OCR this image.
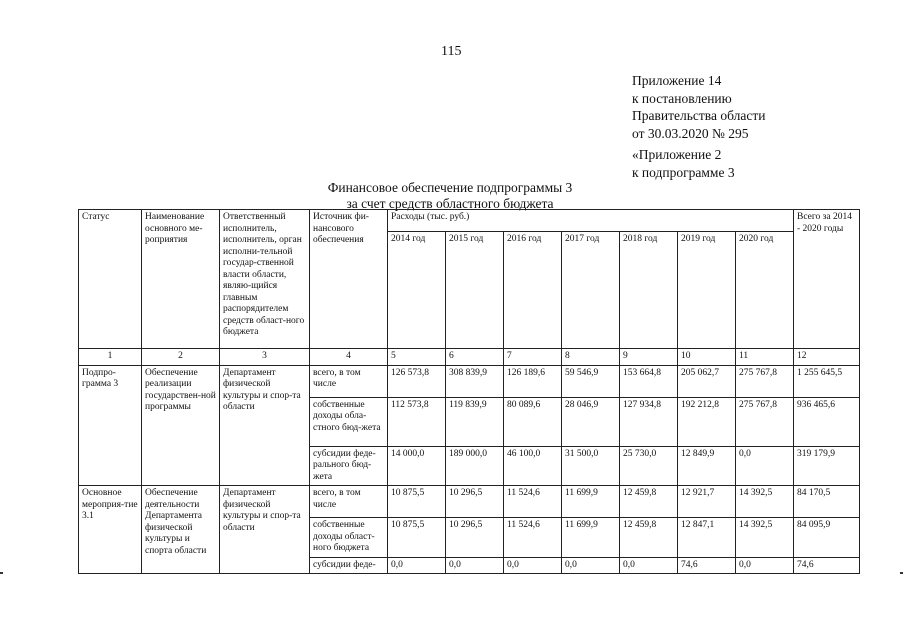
115
Приложение 14
к постановлению
Правительства области
от 30.03.2020 № 295
«Приложение 2
к подпрограмме 3
Финансовое обеспечение подпрограммы 3
за счет средств областного бюджета
Статус	Наименование основного ме-роприятия	Ответственный исполнитель, исполнитель, орган исполни-тельной государ-ственной власти области, являю-щийся главным распорядителем средств област-ного бюджета	Источник фи-нансового обеспечения	Расходы (тыс. руб.)							Всего за 2014 - 2020 годы
				2014 год	2015 год	2016 год	2017 год	2018 год	2019 год	2020 год	
1	2	3	4	5	6	7	8	9	10	11	12
Подпро-грамма 3	Обеспечение реализации государствен-ной программы	Департамент физической культуры и спор-та области	всего, в том числе	126 573,8	308 839,9	126 189,6	59 546,9	153 664,8	205 062,7	275 767,8	1 255 645,5
			собственные доходы обла-стного бюд-жета	112 573,8	119 839,9	80 089,6	28 046,9	127 934,8	192 212,8	275 767,8	936 465,6
			субсидии феде-рального бюд-жета	14 000,0	189 000,0	46 100,0	31 500,0	25 730,0	12 849,9	0,0	319 179,9
Основное мероприя-тие 3.1	Обеспечение деятельности Департамента физической культуры и спорта области	Департамент физической культуры и спор-та области	всего, в том числе	10 875,5	10 296,5	11 524,6	11 699,9	12 459,8	12 921,7	14 392,5	84 170,5
			собственные доходы област-ного бюджета	10 875,5	10 296,5	11 524,6	11 699,9	12 459,8	12 847,1	14 392,5	84 095,9
			субсидии феде-	0,0	0,0	0,0	0,0	0,0	74,6	0,0	74,6
